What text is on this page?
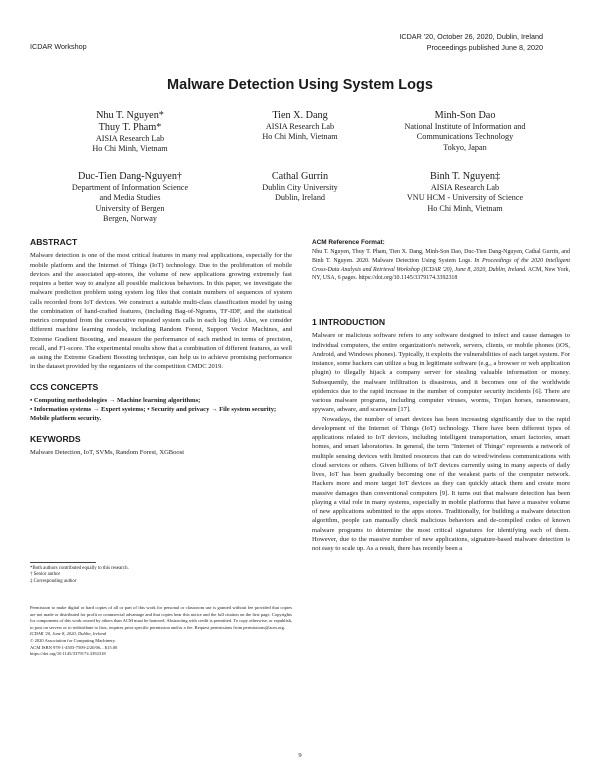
ICDAR Workshop
ICDAR '20, October 26, 2020, Dublin, Ireland
Proceedings published June 8, 2020
Malware Detection Using System Logs
Nhu T. Nguyen*
Thuy T. Pham*
AISIA Research Lab
Ho Chi Minh, Vietnam
Tien X. Dang
AISIA Research Lab
Ho Chi Minh, Vietnam
Minh-Son Dao
National Institute of Information and
Communications Technology
Tokyo, Japan
Duc-Tien Dang-Nguyen†
Department of Information Science
and Media Studies
University of Bergen
Bergen, Norway
Cathal Gurrin
Dublin City University
Dublin, Ireland
Binh T. Nguyen‡
AISIA Research Lab
VNU HCM - University of Science
Ho Chi Minh, Vietnam
ABSTRACT

Malware detection is one of the most critical features in many real applications, especially for the mobile platform and the Internet of Things (IoT) technology. Due to the proliferation of mobile devices and the associated app-stores, the volume of new applications growing extremely fast requires a better way to analyze all possible malicious behaviors. In this paper, we investigate the malware prediction problem using system log files that contain numbers of sequences of system calls recorded from IoT devices. We construct a suitable multi-class classification model by using the combination of hand-crafted features, (including Bag-of-Ngrams, TF-IDF, and the statistical metrics computed from the consecutive repeated system calls in each log file). Also, we consider different machine learning models, including Random Forest, Support Vector Machines, and Extreme Gradient Boosting, and measure the performance of each method in terms of precision, recall, and F1-score. The experimental results show that a combination of different features, as well as using the Extreme Gradient Boosting technique, can help us to achieve promising performance in the dataset provided by the organizers of the competition CMDC 2019.

CCS CONCEPTS

• Computing methodologies → Machine learning algorithms;

• Information systems → Expert systems; • Security and privacy → File system security; Mobile platform security.

KEYWORDS

Malware Detection, IoT, SVMs, Random Forest, XGBoost

*Both authors contributed equally to this research.
† Senior author
‡ Corresponding author
Permission to make digital or hard copies of all or part of this work for personal or classroom use is granted without fee provided that copies are not made or distributed for profit or commercial advantage and that copies bear this notice and the full citation on the first page. Copyrights for components of this work owned by others than ACM must be honored. Abstracting with credit is permitted. To copy otherwise, or republish, to post on servers or to redistribute to lists, requires prior specific permission and/or a fee. Request permissions from permissions@acm.org.
ICDAR '20, June 8, 2020, Dublin, Ireland
© 2020 Association for Computing Machinery.
ACM ISBN 978-1-4503-7509-2/20/06... $15.00
https://doi.org/10.1145/3379174.3392318
ACM Reference Format:

Nhu T. Nguyen, Thuy T. Pham, Tien X. Dang, Minh-Son Dao, Duc-Tien Dang-Nguyen, Cathal Gurrin, and Binh T. Nguyen. 2020. Malware Detection Using System Logs. In Proceedings of the 2020 Intelligent Cross-Data Analysis and Retrieval Workshop (ICDAR '20), June 8, 2020, Dublin, Ireland. ACM, New York, NY, USA, 6 pages. https://doi.org/10.1145/3379174.3392318

1 INTRODUCTION

Malware or malicious software refers to any software designed to infect and cause damages to individual computers, the entire organization's network, servers, clients, or mobile phones (iOS, Android, and Windows phones). Typically, it exploits the vulnerabilities of each target system. For instance, some hackers can utilize a bug in legitimate software (e.g., a browser or web application plugin) to illegally hijack a company server for stealing valuable information or money. Subsequently, the malware infiltration is disastrous, and it becomes one of the worldwide epidemics due to the rapid increase in the number of computer security incidents [6]. There are various malware programs, including computer viruses, worms, Trojan horses, ransomware, spyware, adware, and scareware [17].

Nowadays, the number of smart devices has been increasing significantly due to the rapid development of the Internet of Things (IoT) technology. There have been different types of applications related to IoT devices, including intelligent transportation, smart factories, smart homes, and smart laboratories. In general, the term "Internet of Things" represents a network of multiple sensing devices with limited resources that can do wired/wireless communications with cloud services or others. Given billions of IoT devices currently using in many aspects of daily lives, IoT has been gradually becoming one of the weakest parts of the computer network. Hackers more and more target IoT devices as they can quickly attack them and create more massive damages than conventional computers [9]. It turns out that malware detection has been playing a vital role in many systems, especially in mobile platforms that have a massive volume of new applications submitted to the apps stores. Traditionally, for building a malware detection algorithm, people can manually check malicious behaviors and de-compiled codes of known malware programs to determine the most critical signatures for identifying each of them. However, due to the massive number of new applications, signature-based malware detection is not easy to scale up. As a result, there has recently been a

9
